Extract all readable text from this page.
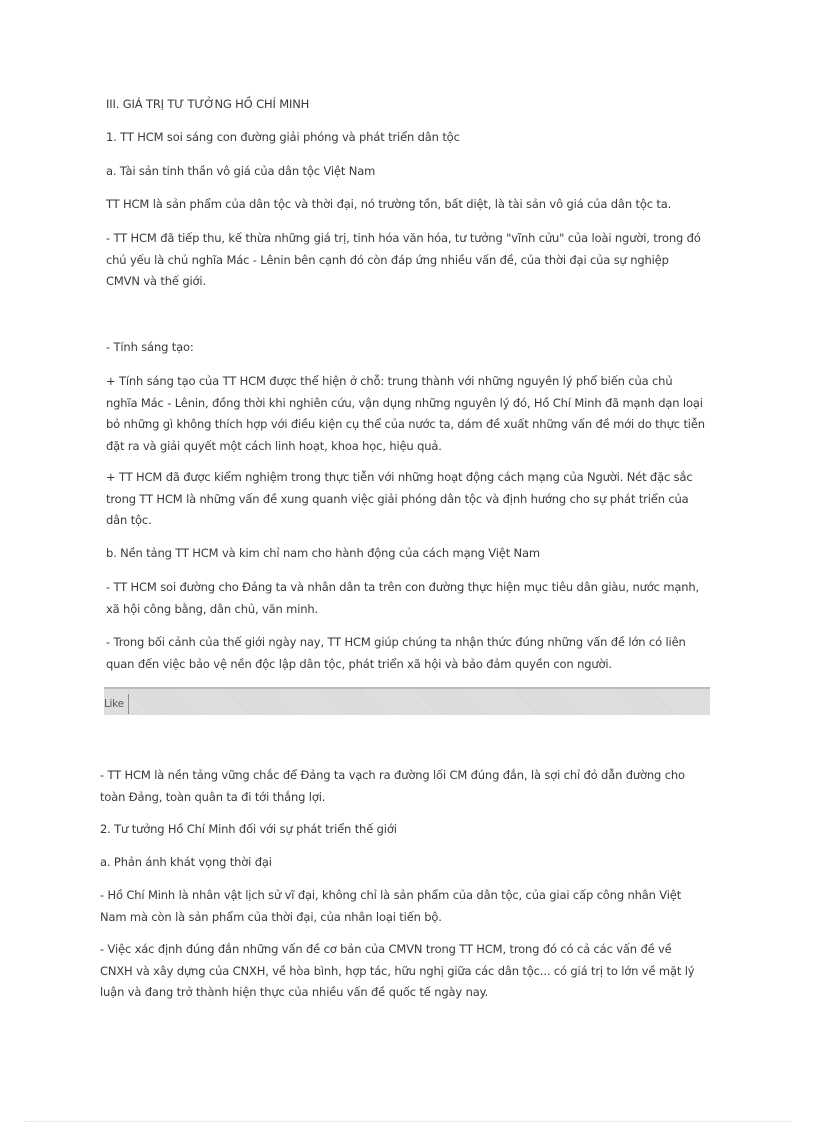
III. GIÁ TRỊ TƯ TƯỞNG HỒ CHÍ MINH

1. TT HCM soi sáng con đường giải phóng và phát triển dân tộc

a. Tài sản tinh thần vô giá của dân tộc Việt Nam

TT HCM là sản phẩm của dân tộc và thời đại, nó trường tồn, bất diệt, là tài sản vô giá của dân tộc ta.

- TT HCM đã tiếp thu, kế thừa những giá trị, tinh hóa văn hóa, tư tưởng "vĩnh cửu" của loài người, trong đó chủ yếu là chủ nghĩa Mác - Lênin bên cạnh đó còn đáp ứng nhiều vấn đề, của thời đại của sự nghiệp CMVN và thế giới.

- Tính sáng tạo:

+ Tính sáng tạo của TT HCM được thể hiện ở chỗ: trung thành với những nguyên lý phổ biến của chủ nghĩa Mác - Lênin, đồng thời khi nghiên cứu, vận dụng những nguyên lý đó, Hồ Chí Minh đã mạnh dạn loại bỏ những gì không thích hợp với điều kiện cụ thể của nước ta, dám đề xuất những vấn đề mới do thực tiễn đặt ra và giải quyết một cách linh hoạt, khoa học, hiệu quả.

+ TT HCM đã được kiểm nghiệm trong thực tiễn với những hoạt động cách mạng của Người. Nét đặc sắc trong TT HCM là những vấn đề xung quanh việc giải phóng dân tộc và định hướng cho sự phát triển của dân tộc.

b. Nền tảng TT HCM và kim chỉ nam cho hành động của cách mạng Việt Nam

- TT HCM soi đường cho Đảng ta và nhân dân ta trên con đường thực hiện mục tiêu dân giàu, nước mạnh, xã hội công bằng, dân chủ, văn minh.

- Trong bối cảnh của thế giới ngày nay, TT HCM giúp chúng ta nhận thức đúng những vấn đề lớn có liên quan đến việc bảo vệ nền độc lập dân tộc, phát triển xã hội và bảo đảm quyền con người.

Like

- TT HCM là nền tảng vững chắc để Đảng ta vạch ra đường lối CM đúng đắn, là sợi chỉ đỏ dẫn đường cho toàn Đảng, toàn quân ta đi tới thắng lợi.

2. Tư tưởng Hồ Chí Minh đối với sự phát triển thế giới

a. Phản ánh khát vọng thời đại

- Hồ Chí Minh là nhân vật lịch sử vĩ đại, không chỉ là sản phẩm của dân tộc, của giai cấp công nhân Việt Nam mà còn là sản phẩm của thời đại, của nhân loại tiến bộ.

- Việc xác định đúng đắn những vấn đề cơ bản của CMVN trong TT HCM, trong đó có cả các vấn đề về CNXH và xây dựng của CNXH, về hòa bình, hợp tác, hữu nghị giữa các dân tộc... có giá trị to lớn về mặt lý luận và đang trở thành hiện thực của nhiều vấn đề quốc tế ngày nay.
